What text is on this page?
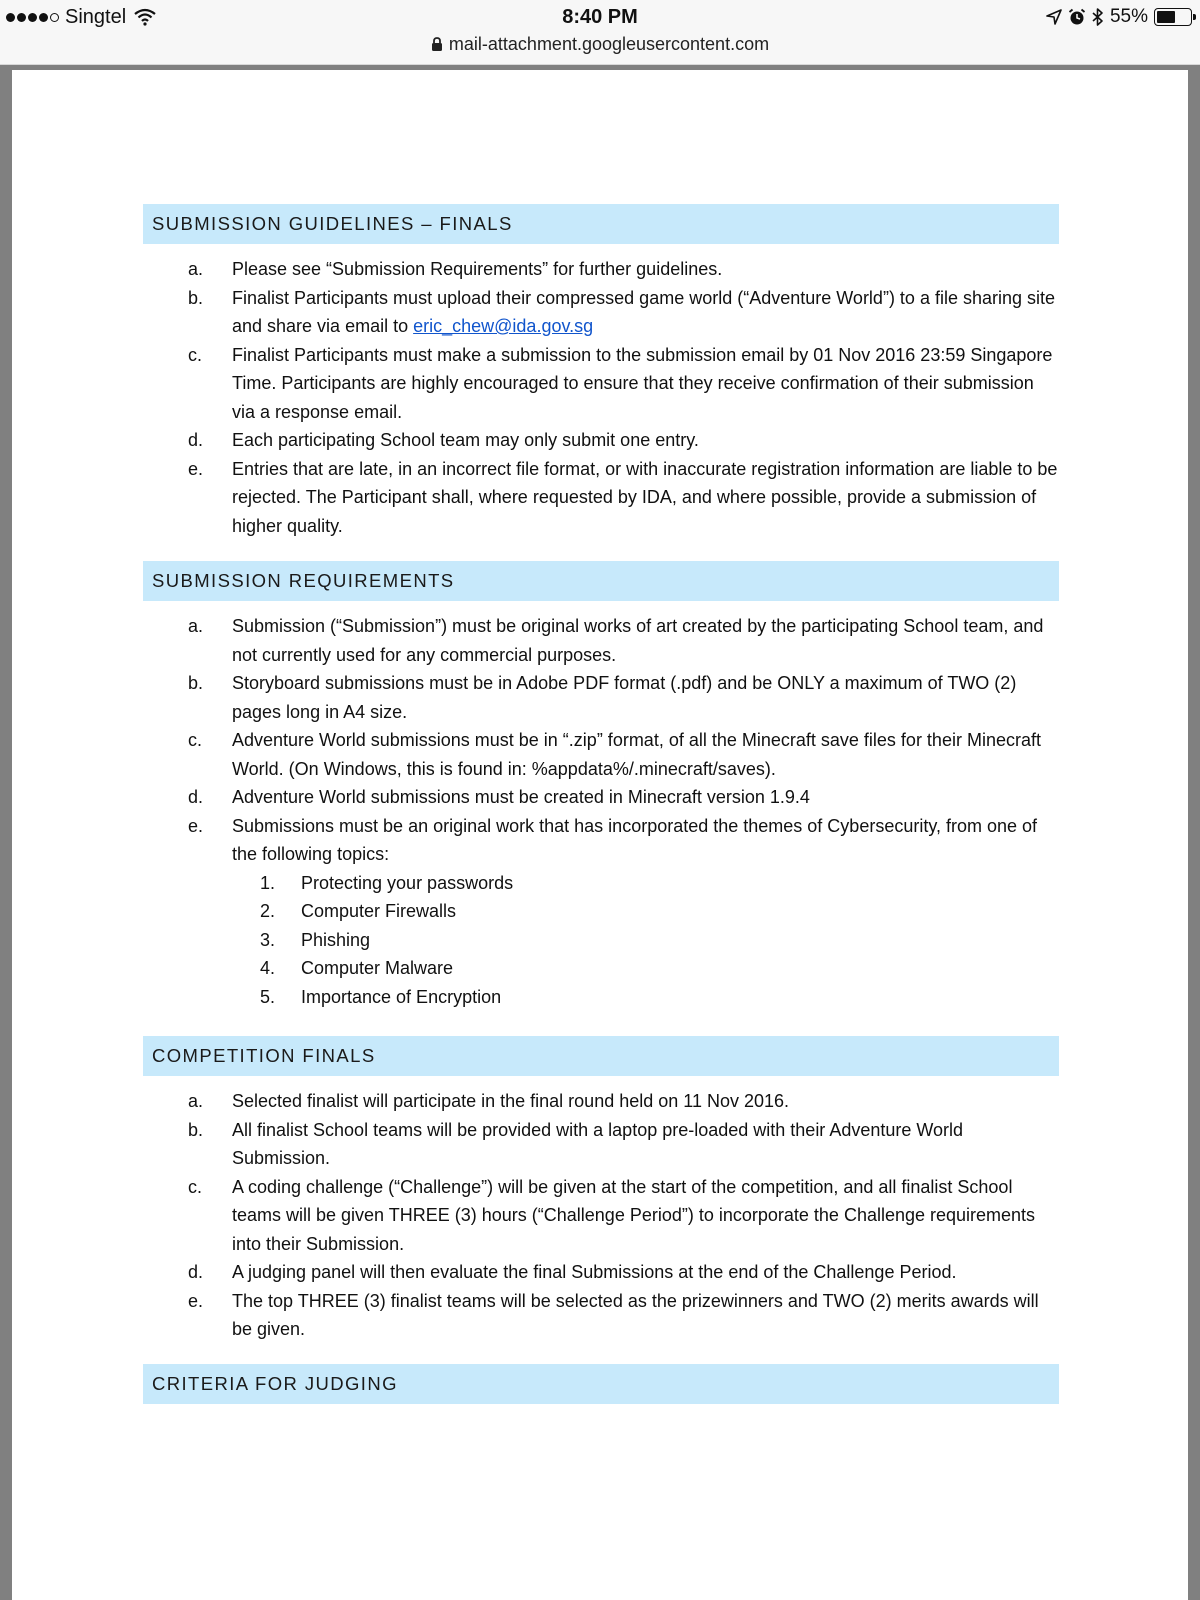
Singtel	8:40 PM	55%
mail-attachment.googleusercontent.com
SUBMISSION GUIDELINES – FINALS
a.	Please see “Submission Requirements” for further guidelines.
b.	Finalist Participants must upload their compressed game world (“Adventure World”) to a file sharing site and share via email to eric_chew@ida.gov.sg
c.	Finalist Participants must make a submission to the submission email by 01 Nov 2016 23:59 Singapore Time. Participants are highly encouraged to ensure that they receive confirmation of their submission via a response email.
d.	Each participating School team may only submit one entry.
e.	Entries that are late, in an incorrect file format, or with inaccurate registration information are liable to be rejected. The Participant shall, where requested by IDA, and where possible, provide a submission of higher quality.
SUBMISSION REQUIREMENTS
a.	Submission (“Submission”) must be original works of art created by the participating School team, and not currently used for any commercial purposes.
b.	Storyboard submissions must be in Adobe PDF format (.pdf) and be ONLY a maximum of TWO (2) pages long in A4 size.
c.	Adventure World submissions must be in “.zip” format, of all the Minecraft save files for their Minecraft World. (On Windows, this is found in: %appdata%/.minecraft/saves).
d.	Adventure World submissions must be created in Minecraft version 1.9.4
e.	Submissions must be an original work that has incorporated the themes of Cybersecurity, from one of the following topics:
1.	Protecting your passwords
2.	Computer Firewalls
3.	Phishing
4.	Computer Malware
5.	Importance of Encryption
COMPETITION FINALS
a.	Selected finalist will participate in the final round held on 11 Nov 2016.
b.	All finalist School teams will be provided with a laptop pre-loaded with their Adventure World Submission.
c.	A coding challenge (“Challenge”) will be given at the start of the competition, and all finalist School teams will be given THREE (3) hours (“Challenge Period”) to incorporate the Challenge requirements into their Submission.
d.	A judging panel will then evaluate the final Submissions at the end of the Challenge Period.
e.	The top THREE (3) finalist teams will be selected as the prizewinners and TWO (2) merits awards will be given.
CRITERIA FOR JUDGING
